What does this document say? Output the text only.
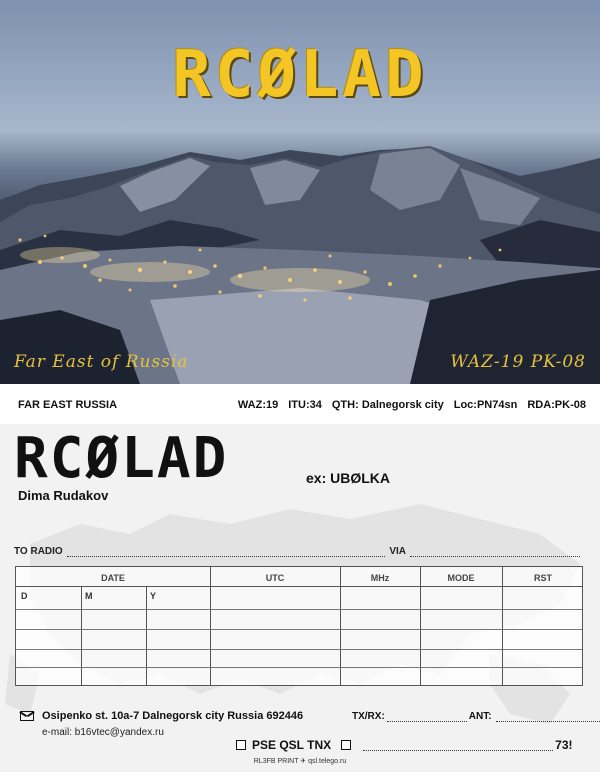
RCØLAD
Far East of Russia	WAZ-19 PK-08
FAR EAST RUSSIA	WAZ:19 ITU:34 QTH: Dalnegorsk city Loc:PN74sn RDA:PK-08
RCØLAD	ex: UBØLKA
Dima Rudakov
TO RADIO	VIA
DATE	UTC	MHz	MODE	RST
D	M	Y
Osipenko st. 10a-7 Dalnegorsk city Russia 692446
e-mail: b16vtec@yandex.ru
TX/RX:	ANT:
PSE QSL TNX	73!
RL3FB PRINT ✈ qsl.telego.ru
